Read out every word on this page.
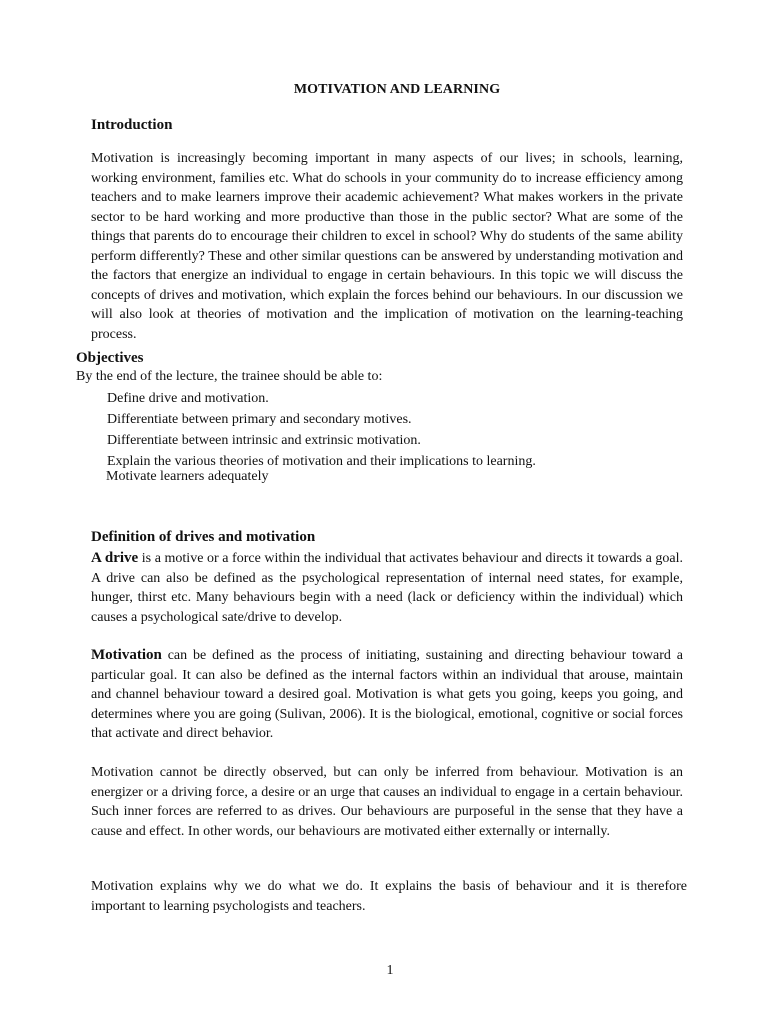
MOTIVATION AND LEARNING
Introduction
Motivation is increasingly becoming important in many aspects of our lives; in schools, learning, working environment, families etc. What do schools in your community do to increase efficiency among teachers and to make learners improve their academic achievement? What makes workers in the private sector to be hard working and more productive than those in the public sector? What are some of the things that parents do to encourage their children to excel in school? Why do students of the same ability perform differently? These and other similar questions can be answered by understanding motivation and the factors that energize an individual to engage in certain behaviours. In this topic we will discuss the concepts of drives and motivation, which explain the forces behind our behaviours. In our discussion we will also look at theories of motivation and the implication of motivation on the learning-teaching process.
Objectives
By the end of the lecture, the trainee should be able to:
Define drive and motivation.
Differentiate between primary and secondary motives.
Differentiate between intrinsic and extrinsic motivation.
Explain the various theories of motivation and their implications to learning.
Motivate learners adequately
Definition of drives and motivation
A drive is a motive or a force within the individual that activates behaviour and directs it towards a goal. A drive can also be defined as the psychological representation of internal need states, for example, hunger, thirst etc. Many behaviours begin with a need (lack or deficiency within the individual) which causes a psychological sate/drive to develop.
Motivation can be defined as the process of initiating, sustaining and directing behaviour toward a particular goal. It can also be defined as the internal factors within an individual that arouse, maintain and channel behaviour toward a desired goal. Motivation is what gets you going, keeps you going, and determines where you are going (Sulivan, 2006). It is the biological, emotional, cognitive or social forces that activate and direct behavior.
Motivation cannot be directly observed, but can only be inferred from behaviour. Motivation is an energizer or a driving force, a desire or an urge that causes an individual to engage in a certain behaviour. Such inner forces are referred to as drives. Our behaviours are purposeful in the sense that they have a cause and effect. In other words, our behaviours are motivated either externally or internally.
Motivation explains why we do what we do. It explains the basis of behaviour and it is therefore important to learning psychologists and teachers.
1
